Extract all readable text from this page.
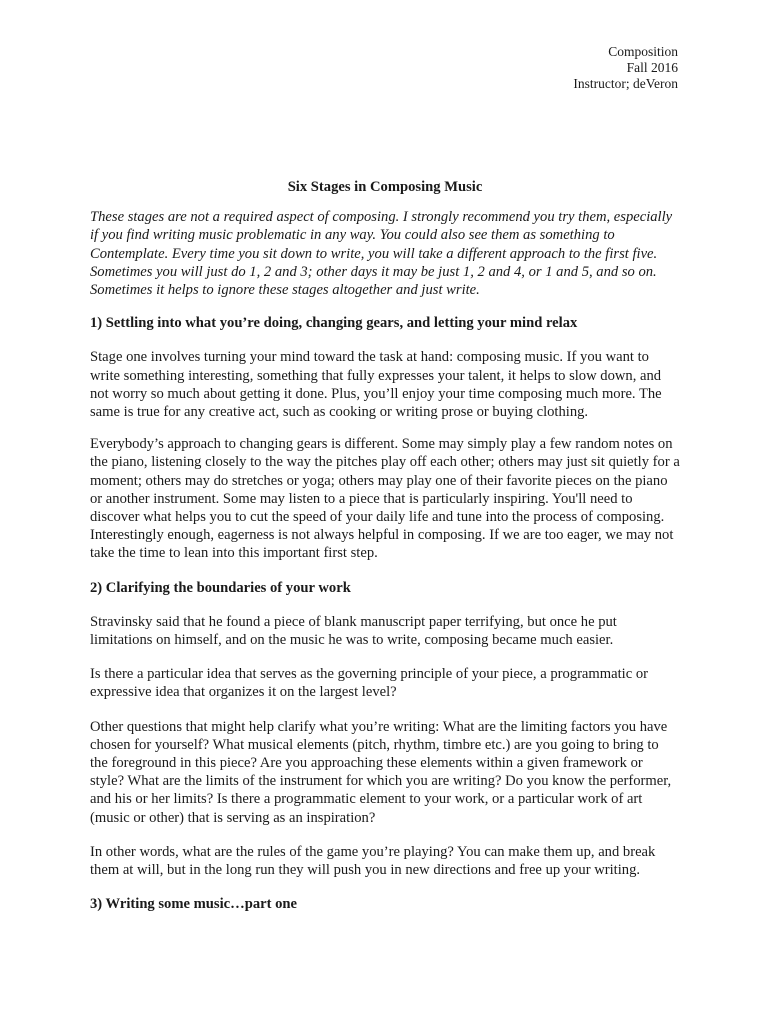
Composition
Fall 2016
Instructor; deVeron
Six Stages in Composing Music

These stages are not a required aspect of composing. I strongly recommend you try them, especially if you find writing music problematic in any way. You could also see them as something to Contemplate. Every time you sit down to write, you will take a different approach to the first five. Sometimes you will just do 1, 2 and 3; other days it may be just 1, 2 and 4, or 1 and 5, and so on. Sometimes it helps to ignore these stages altogether and just write.

1) Settling into what you’re doing, changing gears, and letting your mind relax

Stage one involves turning your mind toward the task at hand: composing music. If you want to write something interesting, something that fully expresses your talent, it helps to slow down, and not worry so much about getting it done. Plus, you’ll enjoy your time composing much more. The same is true for any creative act, such as cooking or writing prose or buying clothing.

Everybody’s approach to changing gears is different. Some may simply play a few random notes on the piano, listening closely to the way the pitches play off each other; others may just sit quietly for a moment; others may do stretches or yoga; others may play one of their favorite pieces on the piano or another instrument. Some may listen to a piece that is particularly inspiring. You'll need to discover what helps you to cut the speed of your daily life and tune into the process of composing. Interestingly enough, eagerness is not always helpful in composing. If we are too eager, we may not take the time to lean into this important first step.

2) Clarifying the boundaries of your work

Stravinsky said that he found a piece of blank manuscript paper terrifying, but once he put limitations on himself, and on the music he was to write, composing became much easier.

Is there a particular idea that serves as the governing principle of your piece, a programmatic or expressive idea that organizes it on the largest level?

Other questions that might help clarify what you’re writing: What are the limiting factors you have chosen for yourself? What musical elements (pitch, rhythm, timbre etc.) are you going to bring to the foreground in this piece? Are you approaching these elements within a given framework or style? What are the limits of the instrument for which you are writing? Do you know the performer, and his or her limits? Is there a programmatic element to your work, or a particular work of art (music or other) that is serving as an inspiration?

In other words, what are the rules of the game you’re playing? You can make them up, and break them at will, but in the long run they will push you in new directions and free up your writing.

3) Writing some music…part one
